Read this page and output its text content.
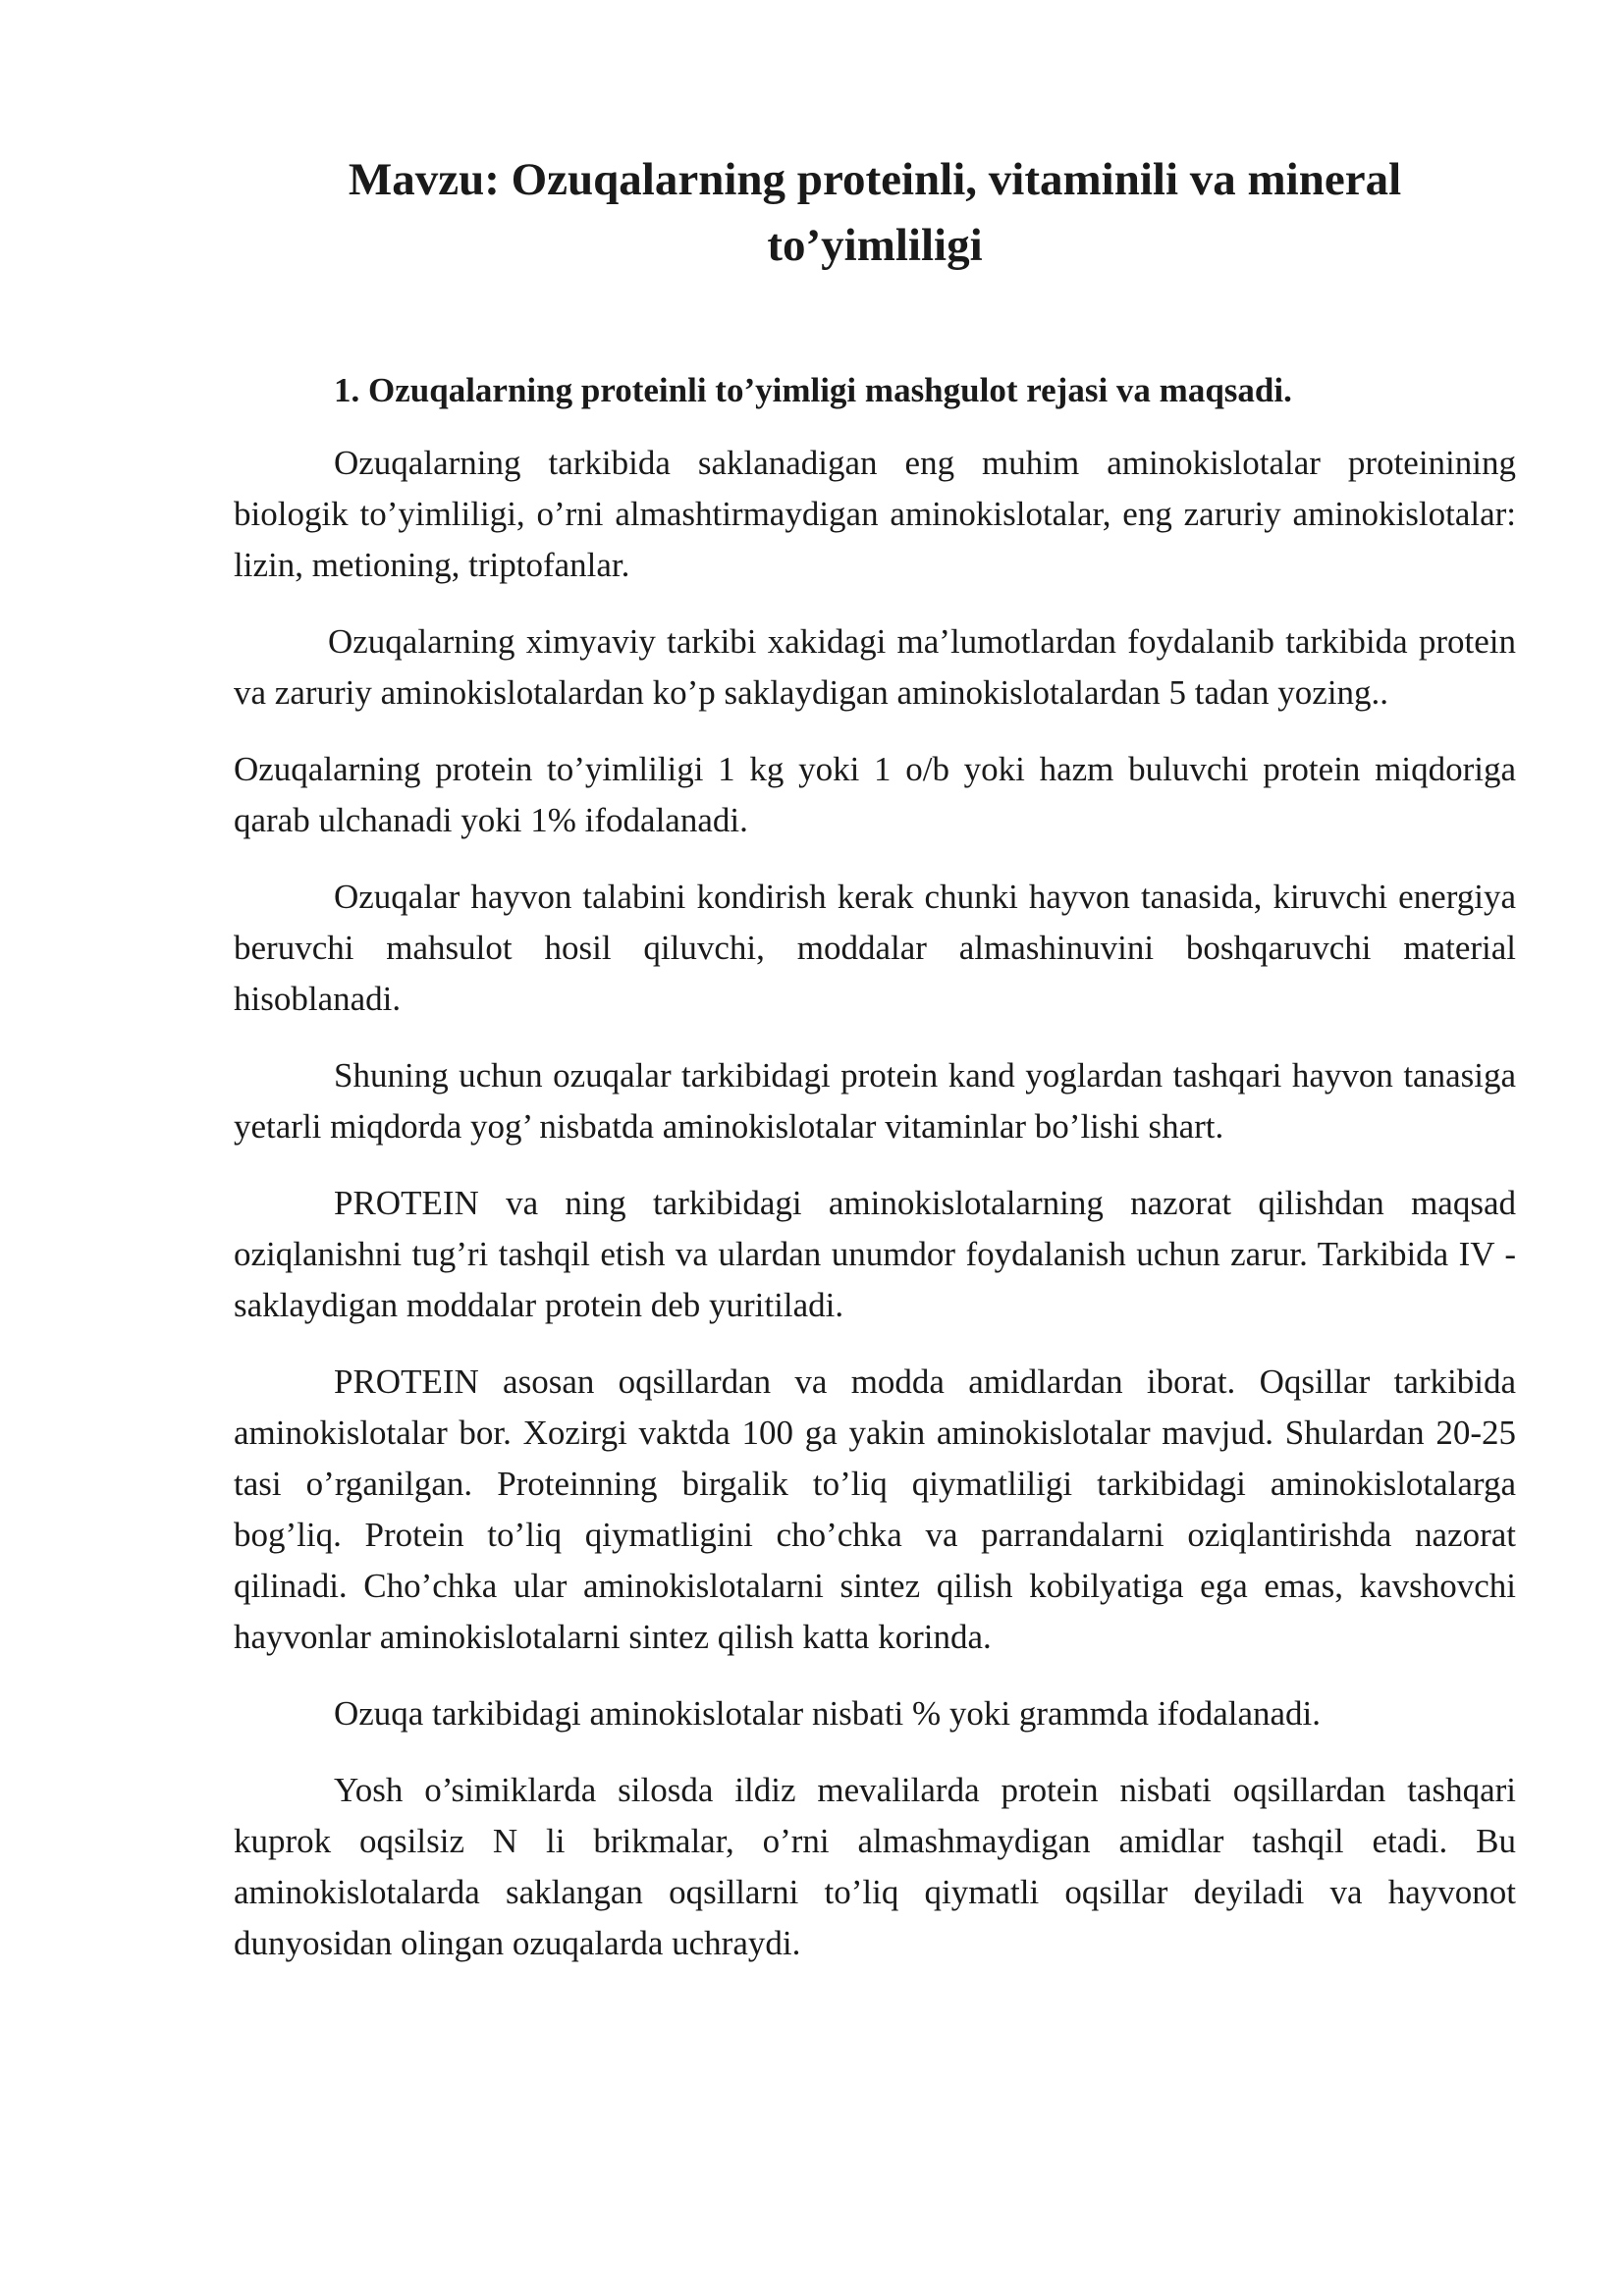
Mavzu: Ozuqalarning proteinli, vitaminili va mineral to’yimliligi
1. Ozuqalarning proteinli to’yimligi mashgulot rejasi va maqsadi.

Ozuqalarning tarkibida saklanadigan eng muhim aminokislotalar proteinining biologik to’yimliligi, o’rni almashtirmaydigan aminokislotalar, eng zaruriy aminokislotalar: lizin, metioning, triptofanlar.

Ozuqalarning ximyaviy tarkibi xakidagi ma’lumotlardan foydalanib tarkibida protein va zaruriy aminokislotalardan ko’p saklaydigan aminokislotalardan 5 tadan yozing..

Ozuqalarning protein to’yimliligi 1 kg yoki 1 o/b yoki hazm buluvchi protein miqdoriga qarab ulchanadi yoki 1% ifodalanadi.

Ozuqalar hayvon talabini kondirish kerak chunki hayvon tanasida, kiruvchi energiya beruvchi mahsulot hosil qiluvchi, moddalar almashinuvini boshqaruvchi material hisoblanadi.

Shuning uchun ozuqalar tarkibidagi protein kand yoglardan tashqari hayvon tanasiga yetarli miqdorda yog’ nisbatda aminokislotalar vitaminlar bo’lishi shart.

PROTEIN va ning tarkibidagi aminokislotalarning nazorat qilishdan maqsad oziqlanishni tug’ri tashqil etish va ulardan unumdor foydalanish uchun zarur. Tarkibida IV - saklaydigan moddalar protein deb yuritiladi.

PROTEIN asosan oqsillardan va modda amidlardan iborat. Oqsillar tarkibida aminokislotalar bor. Xozirgi vaktda 100 ga yakin aminokislotalar mavjud. Shulardan 20-25 tasi o’rganilgan. Proteinning birgalik to’liq qiymatliligi tarkibidagi aminokislotalarga bog’liq. Protein to’liq qiymatligini cho’chka va parrandalarni oziqlantirishda nazorat qilinadi. Cho’chka ular aminokislotalarni sintez qilish kobilyatiga ega emas, kavshovchi hayvonlar aminokislotalarni sintez qilish katta korinda.

Ozuqa tarkibidagi aminokislotalar nisbati % yoki grammda ifodalanadi.

Yosh o’simiklarda silosda ildiz mevalilarda protein nisbati oqsillardan tashqari kuprok oqsilsiz N li brikmalar, o’rni almashmaydigan amidlar tashqil etadi. Bu aminokislotalarda saklangan oqsillarni to’liq qiymatli oqsillar deyiladi va hayvonot dunyosidan olingan ozuqalarda uchraydi.
